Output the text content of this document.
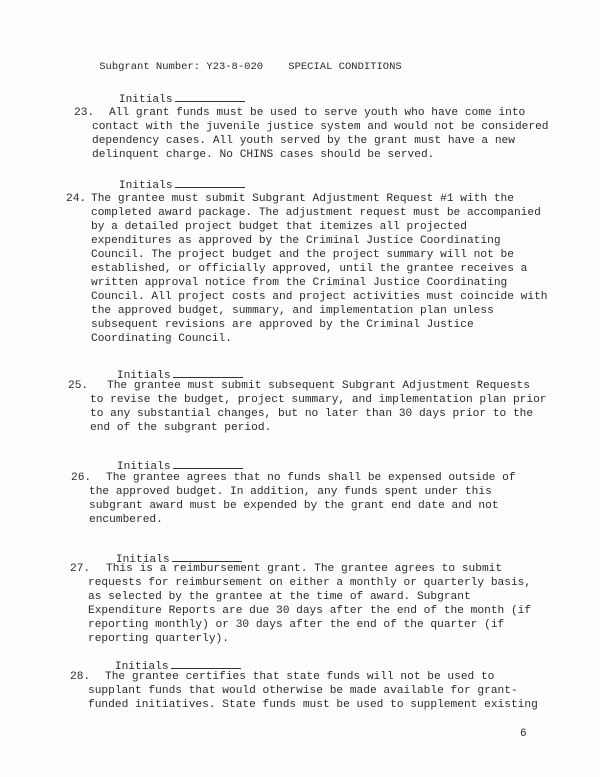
Subgrant Number: Y23-8-020 SPECIAL CONDITIONS

Initials

23. All grant funds must be used to serve youth who have come into
contact with the juvenile justice system and would not be considered
dependency cases. All youth served by the grant must have a new
delinquent charge. No CHINS cases should be served.

Initials

24. The grantee must submit Subgrant Adjustment Request #1 with the
completed award package. The adjustment request must be accompanied
by a detailed project budget that itemizes all projected
expenditures as approved by the Criminal Justice Coordinating
Council. The project budget and the project summary will not be
established, or officially approved, until the grantee receives a
written approval notice from the Criminal Justice Coordinating
Council. All project costs and project activities must coincide with
the approved budget, summary, and implementation plan unless
subsequent revisions are approved by the Criminal Justice
Coordinating Council.

Initials

25. The grantee must submit subsequent Subgrant Adjustment Requests
to revise the budget, project summary, and implementation plan prior
to any substantial changes, but no later than 30 days prior to the
end of the subgrant period.

Initials

26. The grantee agrees that no funds shall be expensed outside of
the approved budget. In addition, any funds spent under this
subgrant award must be expended by the grant end date and not
encumbered.

Initials

27. This is a reimbursement grant. The grantee agrees to submit
requests for reimbursement on either a monthly or quarterly basis,
as selected by the grantee at the time of award. Subgrant
Expenditure Reports are due 30 days after the end of the month (if
reporting monthly) or 30 days after the end of the quarter (if
reporting quarterly).

Initials

28. The grantee certifies that state funds will not be used to
supplant funds that would otherwise be made available for grant-
funded initiatives. State funds must be used to supplement existing
6
